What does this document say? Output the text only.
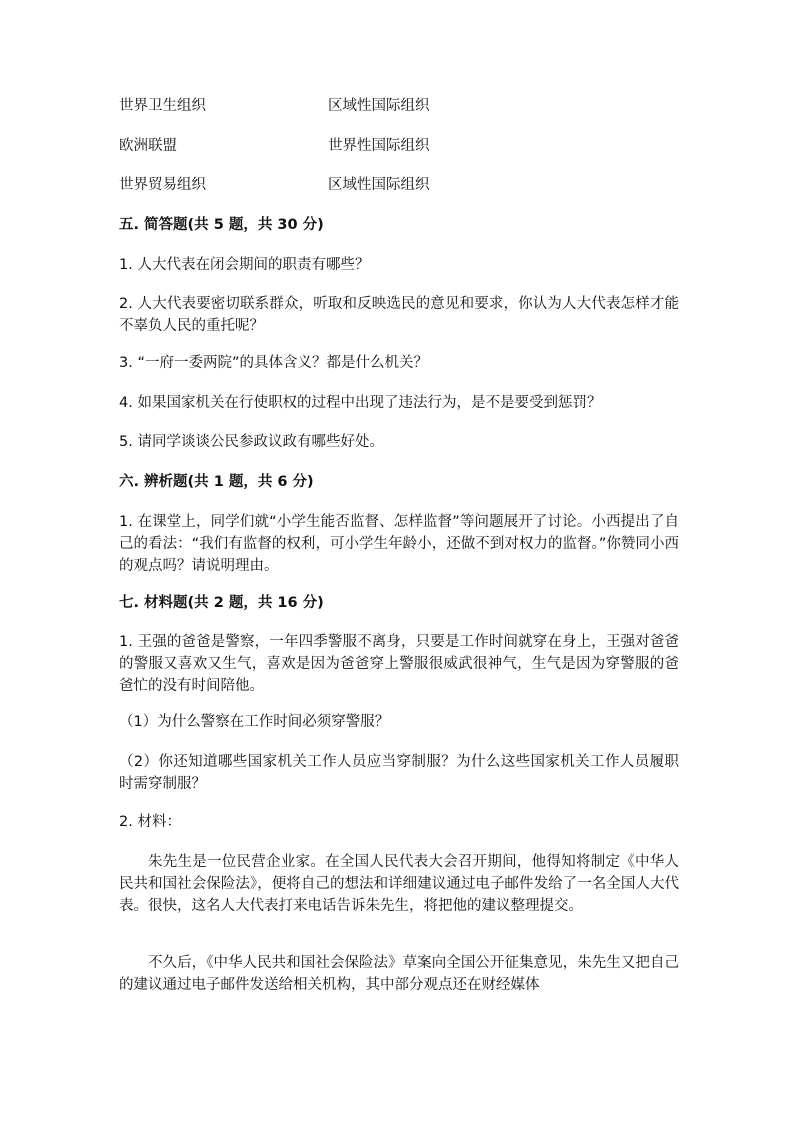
世界卫生组织	区域性国际组织
欧洲联盟	世界性国际组织
世界贸易组织	区域性国际组织
五. 简答题(共 5 题，共 30 分)
1. 人大代表在闭会期间的职责有哪些？
2. 人大代表要密切联系群众，听取和反映选民的意见和要求，你认为人大代表怎样才能不辜负人民的重托呢？
3. “一府一委两院”的具体含义？都是什么机关？
4. 如果国家机关在行使职权的过程中出现了违法行为，是不是要受到惩罚？
5. 请同学谈谈公民参政议政有哪些好处。
六. 辨析题(共 1 题，共 6 分)
1. 在课堂上，同学们就“小学生能否监督、怎样监督”等问题展开了讨论。小西提出了自己的看法：“我们有监督的权利，可小学生年龄小，还做不到对权力的监督。”你赞同小西的观点吗？请说明理由。
七. 材料题(共 2 题，共 16 分)
1. 王强的爸爸是警察，一年四季警服不离身，只要是工作时间就穿在身上，王强对爸爸的警服又喜欢又生气，喜欢是因为爸爸穿上警服很威武很神气，生气是因为穿警服的爸爸忙的没有时间陪他。
（1）为什么警察在工作时间必须穿警服？
（2）你还知道哪些国家机关工作人员应当穿制服？为什么这些国家机关工作人员履职时需穿制服？
2. 材料：
朱先生是一位民营企业家。在全国人民代表大会召开期间，他得知将制定《中华人民共和国社会保险法》，便将自己的想法和详细建议通过电子邮件发给了一名全国人大代表。很快，这名人大代表打来电话告诉朱先生，将把他的建议整理提交。
不久后，《中华人民共和国社会保险法》草案向全国公开征集意见，朱先生又把自己的建议通过电子邮件发送给相关机构，其中部分观点还在财经媒体
